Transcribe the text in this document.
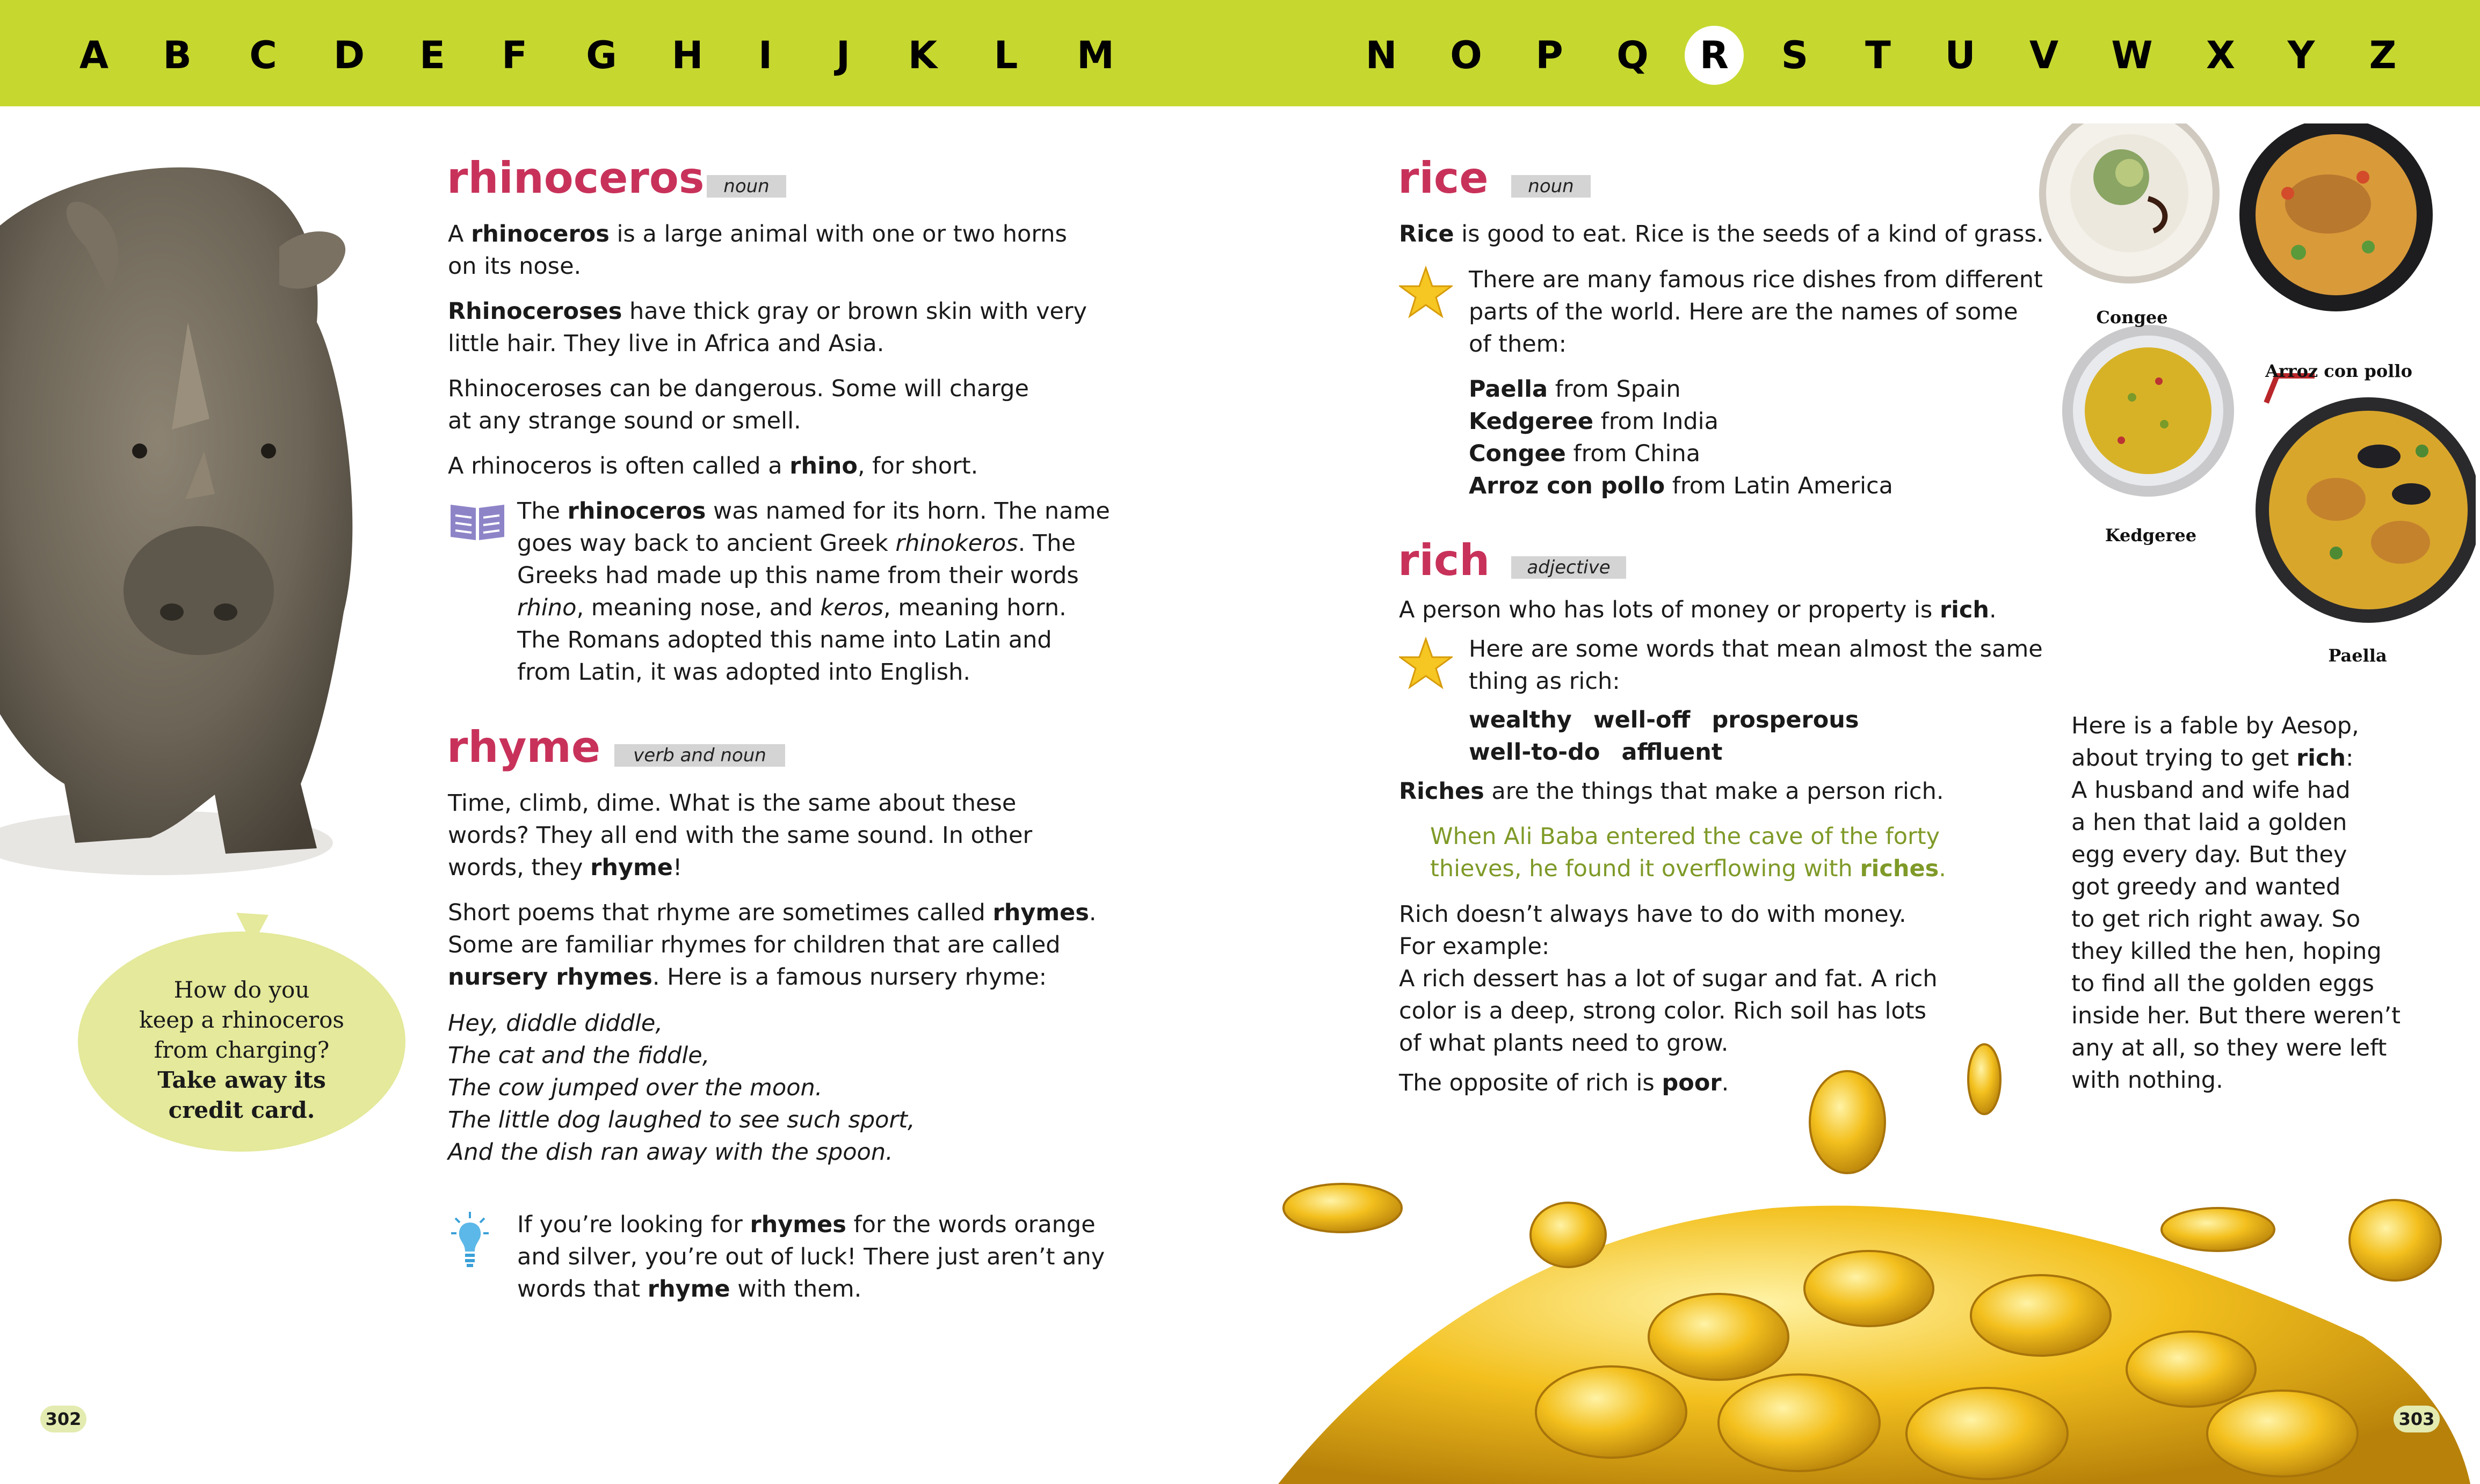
A	B	C	D	E	F	G	H	I	J	K	L	M	N	O	P	Q	R	S	T	U	V	W	X	Y	Z
How do you
keep a rhinoceros
from charging?
Take away its
credit card.
rhinoceros	noun
A rhinoceros is a large animal with one or two horns
on its nose.
Rhinoceroses have thick gray or brown skin with very
little hair. They live in Africa and Asia.
Rhinoceroses can be dangerous. Some will charge
at any strange sound or smell.
A rhinoceros is often called a rhino, for short.
The rhinoceros was named for its horn. The name
goes way back to ancient Greek rhinokeros. The
Greeks had made up this name from their words
rhino, meaning nose, and keros, meaning horn.
The Romans adopted this name into Latin and
from Latin, it was adopted into English.
rhyme	verb and noun
Time, climb, dime. What is the same about these
words? They all end with the same sound. In other
words, they rhyme!
Short poems that rhyme are sometimes called rhymes.
Some are familiar rhymes for children that are called
nursery rhymes. Here is a famous nursery rhyme:
Hey, diddle diddle,
The cat and the fiddle,
The cow jumped over the moon.
The little dog laughed to see such sport,
And the dish ran away with the spoon.
If you’re looking for rhymes for the words orange
and silver, you’re out of luck! There just aren’t any
words that rhyme with them.
302
rice	noun
Rice is good to eat. Rice is the seeds of a kind of grass.
There are many famous rice dishes from different
parts of the world. Here are the names of some
of them:
Paella from Spain
Kedgeree from India
Congee from China
Arroz con pollo from Latin America
rich	adjective
A person who has lots of money or property is rich.
Here are some words that mean almost the same
thing as rich:
wealthy well-off prosperous
well-to-do affluent
Riches are the things that make a person rich.
When Ali Baba entered the cave of the forty
thieves, he found it overflowing with riches.
Rich doesn’t always have to do with money.
For example:
A rich dessert has a lot of sugar and fat. A rich
color is a deep, strong color. Rich soil has lots
of what plants need to grow.
The opposite of rich is poor.
Here is a fable by Aesop,
about trying to get rich:
A husband and wife had
a hen that laid a golden
egg every day. But they
got greedy and wanted
to get rich right away. So
they killed the hen, hoping
to find all the golden eggs
inside her. But there weren’t
any at all, so they were left
with nothing.
Congee
Arroz con pollo
Kedgeree
Paella
303
